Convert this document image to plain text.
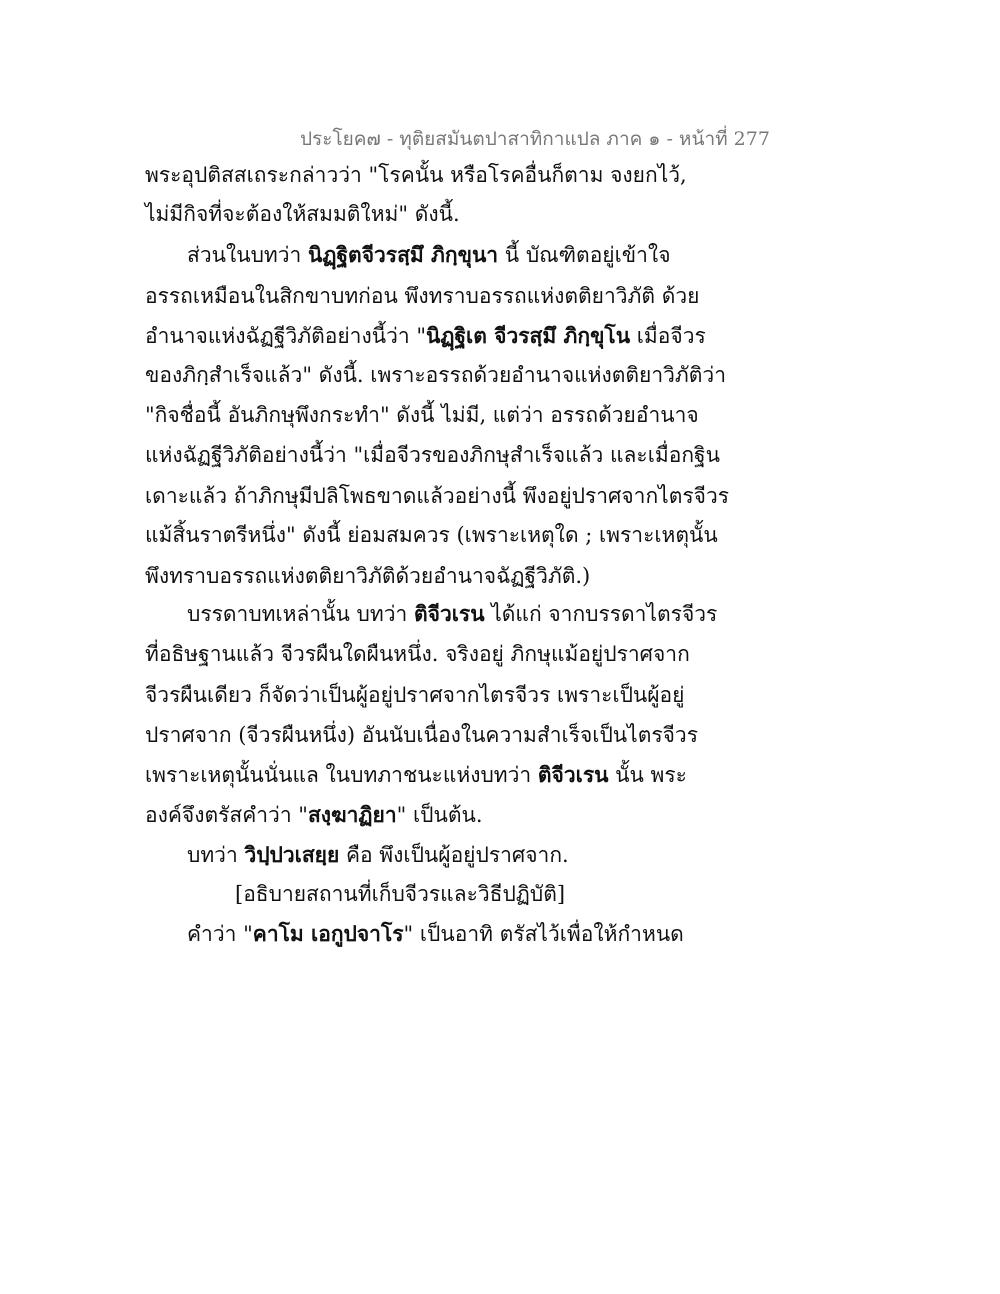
ประโยค๗ - ทุติยสมันตปาสาทิกาแปล ภาค ๑ - หน้าที่ 277
พระอุปติสสเถระกล่าวว่า "โรคนั้น หรือโรคอื่นก็ตาม จงยกไว้,
ไม่มีกิจที่จะต้องให้สมมติใหม่" ดังนี้.
ส่วนในบทว่า นิฏฺฐิตจีวรสฺมึ ภิกฺขุนา นี้ บัณฑิตอยู่เข้าใจ
อรรถเหมือนในสิกขาบทก่อน พึงทราบอรรถแห่งตติยาวิภัติ ด้วย
อำนาจแห่งฉัฏฐีวิภัติอย่างนี้ว่า "นิฏฺฐิเต จีวรสฺมึ ภิกฺขุโน เมื่อจีวร
ของภิกฺสำเร็จแล้ว" ดังนี้. เพราะอรรถด้วยอำนาจแห่งตติยาวิภัติว่า
"กิจชื่อนี้ อันภิกษุพึงกระทำ" ดังนี้ ไม่มี, แต่ว่า อรรถด้วยอำนาจ
แห่งฉัฏฐีวิภัติอย่างนี้ว่า "เมื่อจีวรของภิกษุสำเร็จแล้ว และเมื่อกฐิน
เดาะแล้ว ถ้าภิกษุมีปลิโพธขาดแล้วอย่างนี้ พึงอยู่ปราศจากไตรจีวร
แม้สิ้นราตรีหนึ่ง" ดังนี้ ย่อมสมควร (เพราะเหตุใด ; เพราะเหตุนั้น
พึงทราบอรรถแห่งตติยาวิภัติด้วยอำนาจฉัฏฐีวิภัติ.)
บรรดาบทเหล่านั้น บทว่า ติจีวเรน ได้แก่ จากบรรดาไตรจีวร
ที่อธิษฐานแล้ว จีวรผืนใดผืนหนึ่ง. จริงอยู่ ภิกษุแม้อยู่ปราศจาก
จีวรผืนเดียว ก็จัดว่าเป็นผู้อยู่ปราศจากไตรจีวร เพราะเป็นผู้อยู่
ปราศจาก (จีวรผืนหนึ่ง) อันนับเนื่องในความสำเร็จเป็นไตรจีวร
เพราะเหตุนั้นนั่นแล ในบทภาชนะแห่งบทว่า ติจีวเรน นั้น พระ
องค์จึงตรัสคำว่า "สงฺฆาฏิยา" เป็นต้น.
บทว่า วิปฺปวเสยฺย คือ พึงเป็นผู้อยู่ปราศจาก.
[อธิบายสถานที่เก็บจีวรและวิธีปฏิบัติ]
คำว่า "คาโม เอกูปจาโร" เป็นอาทิ ตรัสไว้เพื่อให้กำหนด
